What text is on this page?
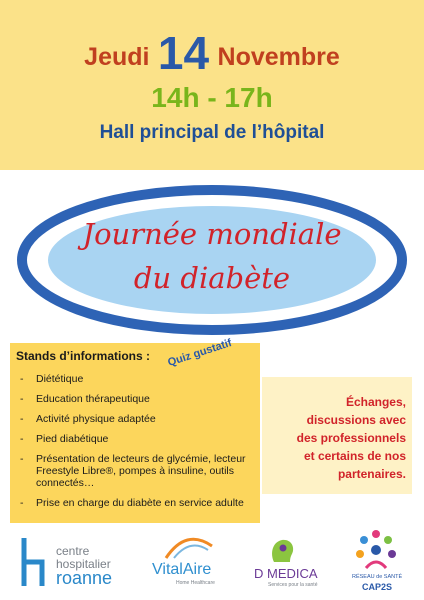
Jeudi 14 Novembre
14h - 17h
Hall principal de l’hôpital
Journée mondiale
du diabète
Stands d’informations :
- Diététique
- Education thérapeutique
- Activité physique adaptée
- Pied diabétique
- Présentation de lecteurs de glycémie, lecteur Freestyle Libre®, pompes à insuline, outils connectés…
- Prise en charge du diabète en service adulte
Quiz gustatif
Échanges,
discussions avec
des professionnels
et certains de nos
partenaires.
centre
hospitalier
roanne VitalAire
Home Healthcare
D MEDICA
Services pour la santé
RÉSEAU de SANTÉ
CAP2S
